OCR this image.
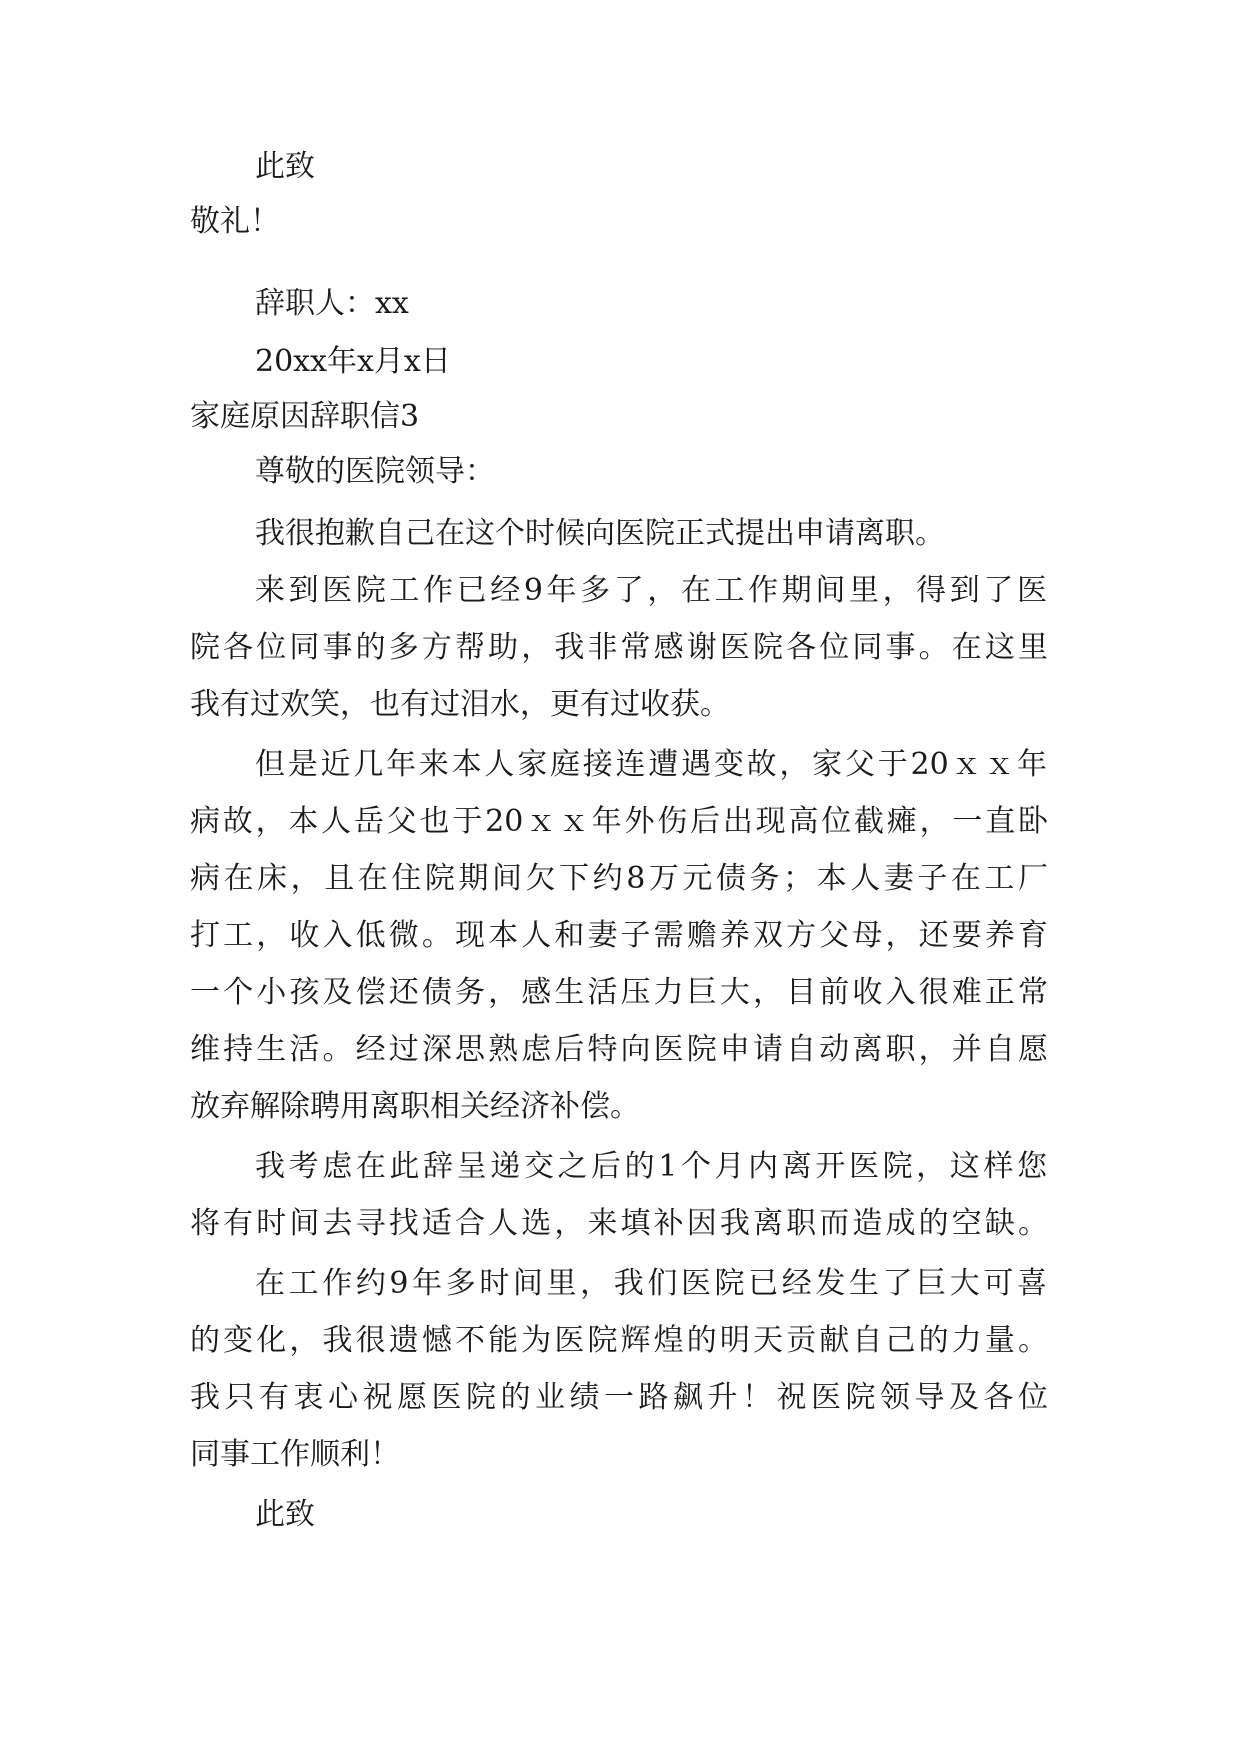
此致
敬礼！
辞职人：xx
20xx年x月x日
家庭原因辞职信3
尊敬的医院领导：
我很抱歉自己在这个时候向医院正式提出申请离职。
来到医院工作已经9年多了，在工作期间里，得到了医
院各位同事的多方帮助，我非常感谢医院各位同事。在这里
我有过欢笑，也有过泪水，更有过收获。
但是近几年来本人家庭接连遭遇变故，家父于20ｘｘ年
病故，本人岳父也于20ｘｘ年外伤后出现高位截瘫，一直卧
病在床，且在住院期间欠下约8万元债务；本人妻子在工厂
打工，收入低微。现本人和妻子需赡养双方父母，还要养育
一个小孩及偿还债务，感生活压力巨大，目前收入很难正常
维持生活。经过深思熟虑后特向医院申请自动离职，并自愿
放弃解除聘用离职相关经济补偿。
我考虑在此辞呈递交之后的1个月内离开医院，这样您
将有时间去寻找适合人选，来填补因我离职而造成的空缺。
在工作约9年多时间里，我们医院已经发生了巨大可喜
的变化，我很遗憾不能为医院辉煌的明天贡献自己的力量。
我只有衷心祝愿医院的业绩一路飙升！祝医院领导及各位
同事工作顺利！
此致
